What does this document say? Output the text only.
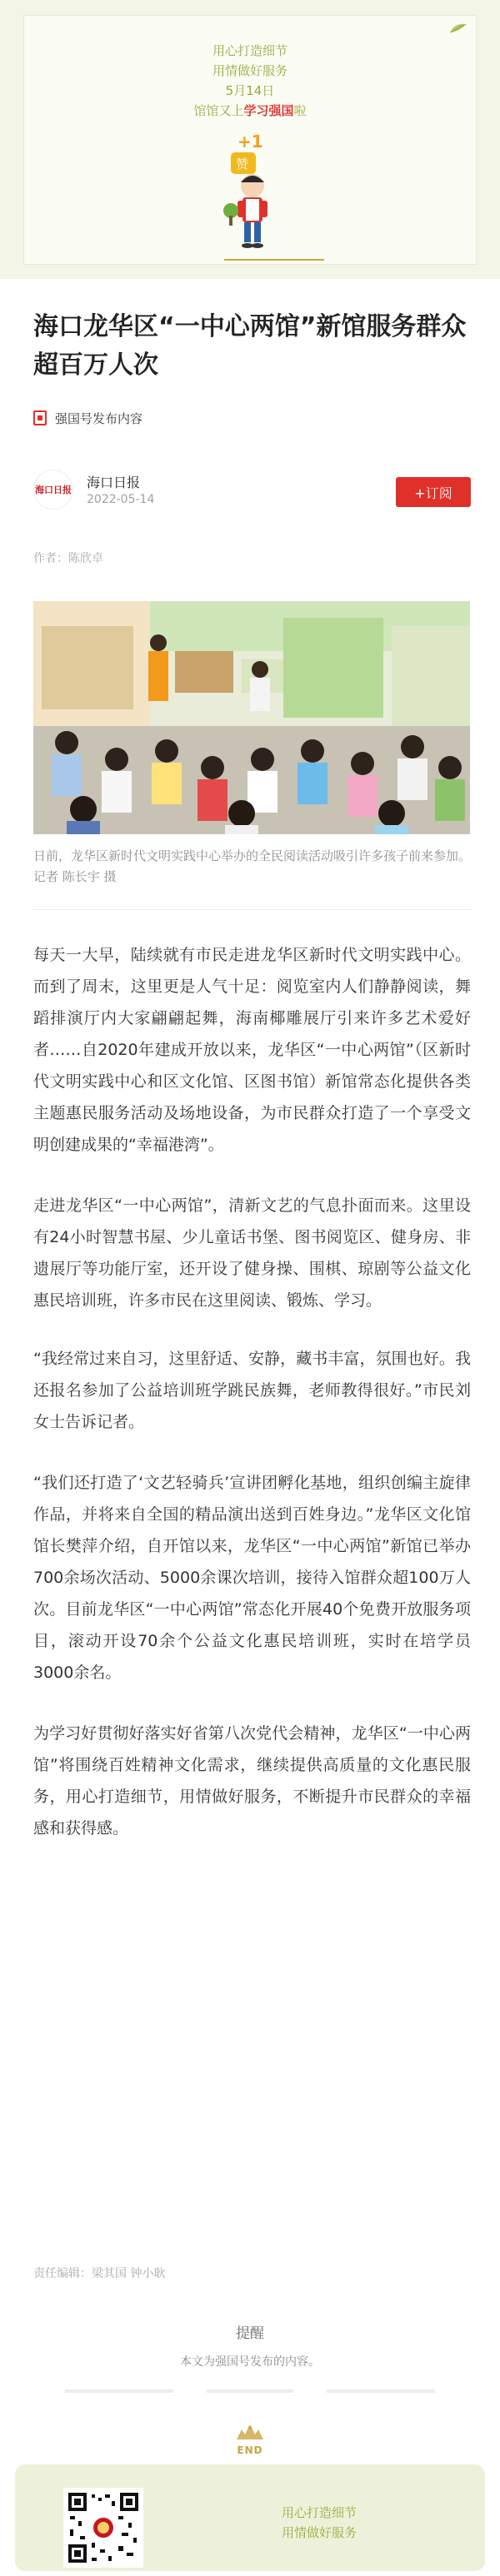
用心打造细节
用情做好服务
5月14日
馆馆又上学习强国啦
+1
赞
海口龙华区“一中心两馆”新馆服务群众超百万人次
强国号发布内容
海口日报 海口日报
2022-05-14	+订阅
作者：陈欣卓
日前，龙华区新时代文明实践中心举办的全民阅读活动吸引许多孩子前来参加。记者 陈长宇 摄

每天一大早，陆续就有市民走进龙华区新时代文明实践中心。而到了周末，这里更是人气十足：阅览室内人们静静阅读，舞蹈排演厅内大家翩翩起舞，海南椰雕展厅引来许多艺术爱好者……自2020年建成开放以来，龙华区“一中心两馆”（区新时代文明实践中心和区文化馆、区图书馆）新馆常态化提供各类主题惠民服务活动及场地设备，为市民群众打造了一个享受文明创建成果的“幸福港湾”。

走进龙华区“一中心两馆”，清新文艺的气息扑面而来。这里设有24小时智慧书屋、少儿童话书堡、图书阅览区、健身房、非遗展厅等功能厅室，还开设了健身操、围棋、琼剧等公益文化惠民培训班，许多市民在这里阅读、锻炼、学习。

“我经常过来自习，这里舒适、安静，藏书丰富，氛围也好。我还报名参加了公益培训班学跳民族舞，老师教得很好。”市民刘女士告诉记者。

“我们还打造了‘文艺轻骑兵’宣讲团孵化基地，组织创编主旋律作品，并将来自全国的精品演出送到百姓身边。”龙华区文化馆馆长樊萍介绍，自开馆以来，龙华区“一中心两馆”新馆已举办700余场次活动、5000余课次培训，接待入馆群众超100万人次。目前龙华区“一中心两馆”常态化开展40个免费开放服务项目，滚动开设70余个公益文化惠民培训班，实时在培学员3000余名。

为学习好贯彻好落实好省第八次党代会精神，龙华区“一中心两馆”将围绕百姓精神文化需求，继续提供高质量的文化惠民服务，用心打造细节，用情做好服务，不断提升市民群众的幸福感和获得感。

责任编辑：梁其国 钟小耿
提醒
本文为强国号发布的内容。
END
用心打造细节
用情做好服务
